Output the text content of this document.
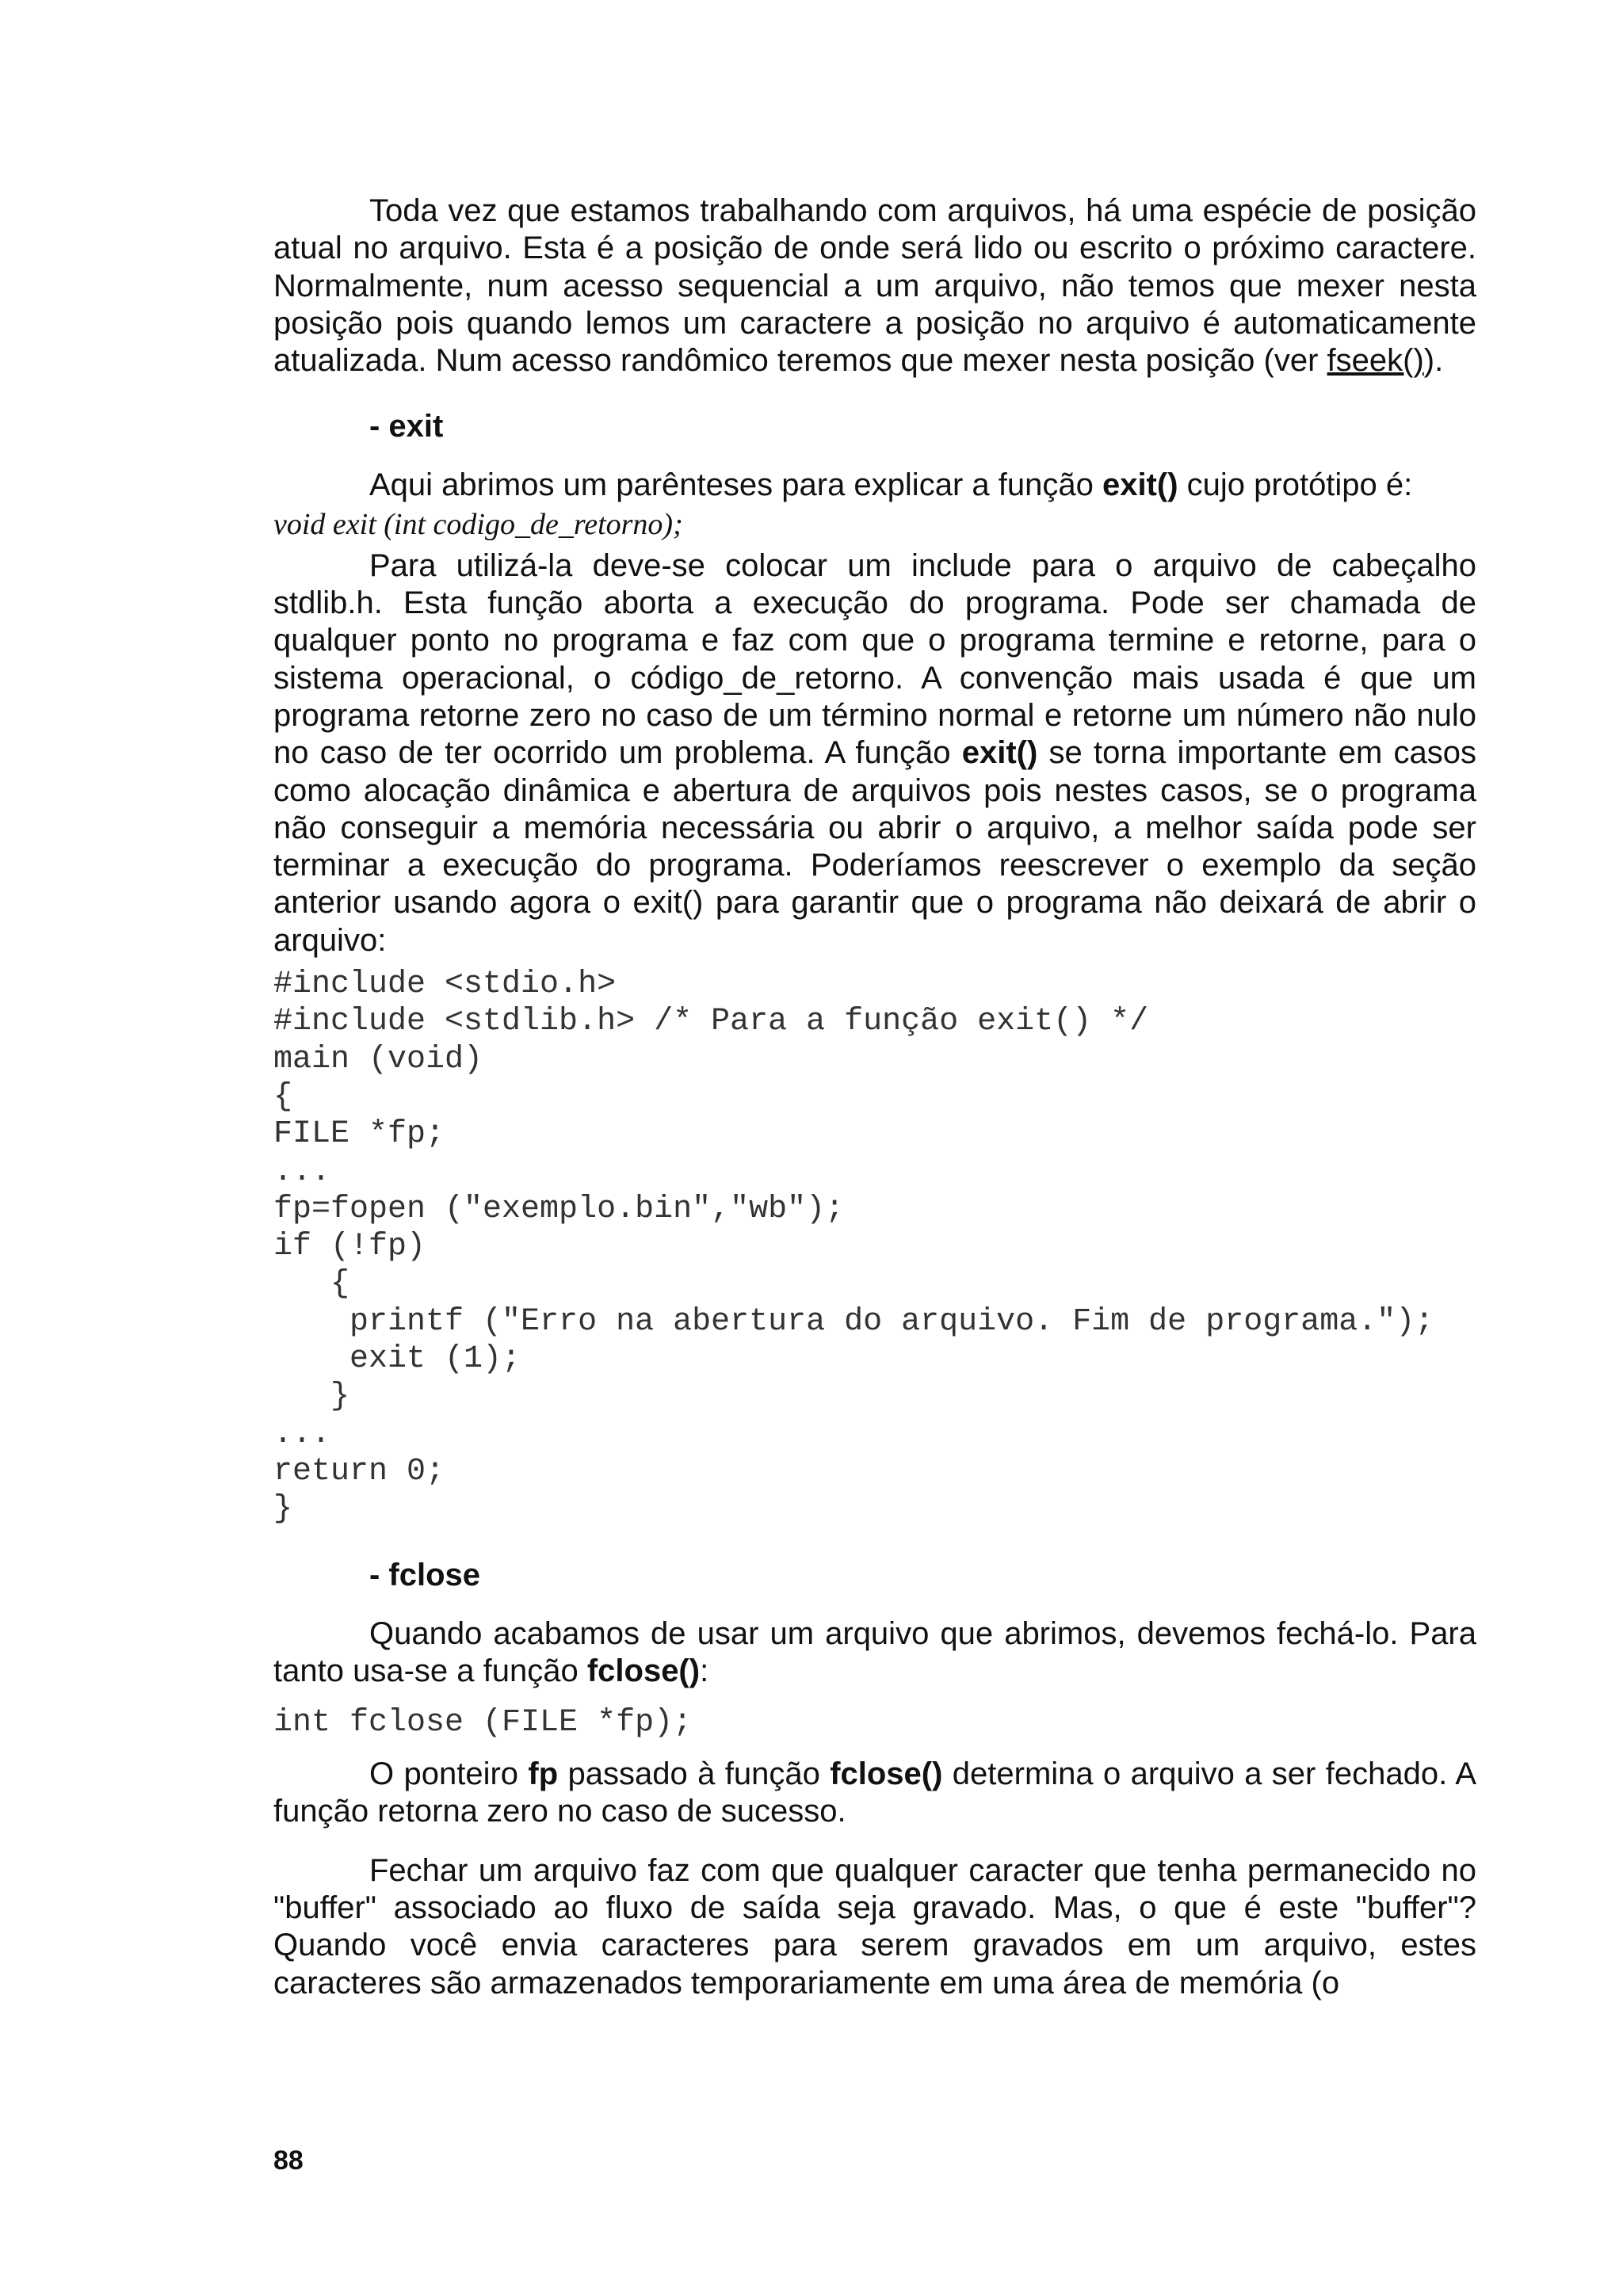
Toda vez que estamos trabalhando com arquivos, há uma espécie de posição atual no arquivo. Esta é a posição de onde será lido ou escrito o próximo caractere. Normalmente, num acesso sequencial a um arquivo, não temos que mexer nesta posição pois quando lemos um caractere a posição no arquivo é automaticamente atualizada. Num acesso randômico teremos que mexer nesta posição (ver fseek()).

- exit

Aqui abrimos um parênteses para explicar a função exit() cujo protótipo é:

void exit (int codigo_de_retorno);

Para utilizá-la deve-se colocar um include para o arquivo de cabeçalho stdlib.h. Esta função aborta a execução do programa. Pode ser chamada de qualquer ponto no programa e faz com que o programa termine e retorne, para o sistema operacional, o código_de_retorno. A convenção mais usada é que um programa retorne zero no caso de um término normal e retorne um número não nulo no caso de ter ocorrido um problema. A função exit() se torna importante em casos como alocação dinâmica e abertura de arquivos pois nestes casos, se o programa não conseguir a memória necessária ou abrir o arquivo, a melhor saída pode ser terminar a execução do programa. Poderíamos reescrever o exemplo da seção anterior usando agora o exit() para garantir que o programa não deixará de abrir o arquivo:

#include <stdio.h>
#include <stdlib.h> /* Para a função exit() */
main (void)
{
FILE *fp;
...
fp=fopen ("exemplo.bin","wb");
if (!fp)
{
printf ("Erro na abertura do arquivo. Fim de programa.");
exit (1);
}
...
return 0;
}

- fclose

Quando acabamos de usar um arquivo que abrimos, devemos fechá-lo. Para tanto usa-se a função fclose():

int fclose (FILE *fp);

O ponteiro fp passado à função fclose() determina o arquivo a ser fechado. A função retorna zero no caso de sucesso.

Fechar um arquivo faz com que qualquer caracter que tenha permanecido no "buffer" associado ao fluxo de saída seja gravado. Mas, o que é este "buffer"? Quando você envia caracteres para serem gravados em um arquivo, estes caracteres são armazenados temporariamente em uma área de memória (o

88
